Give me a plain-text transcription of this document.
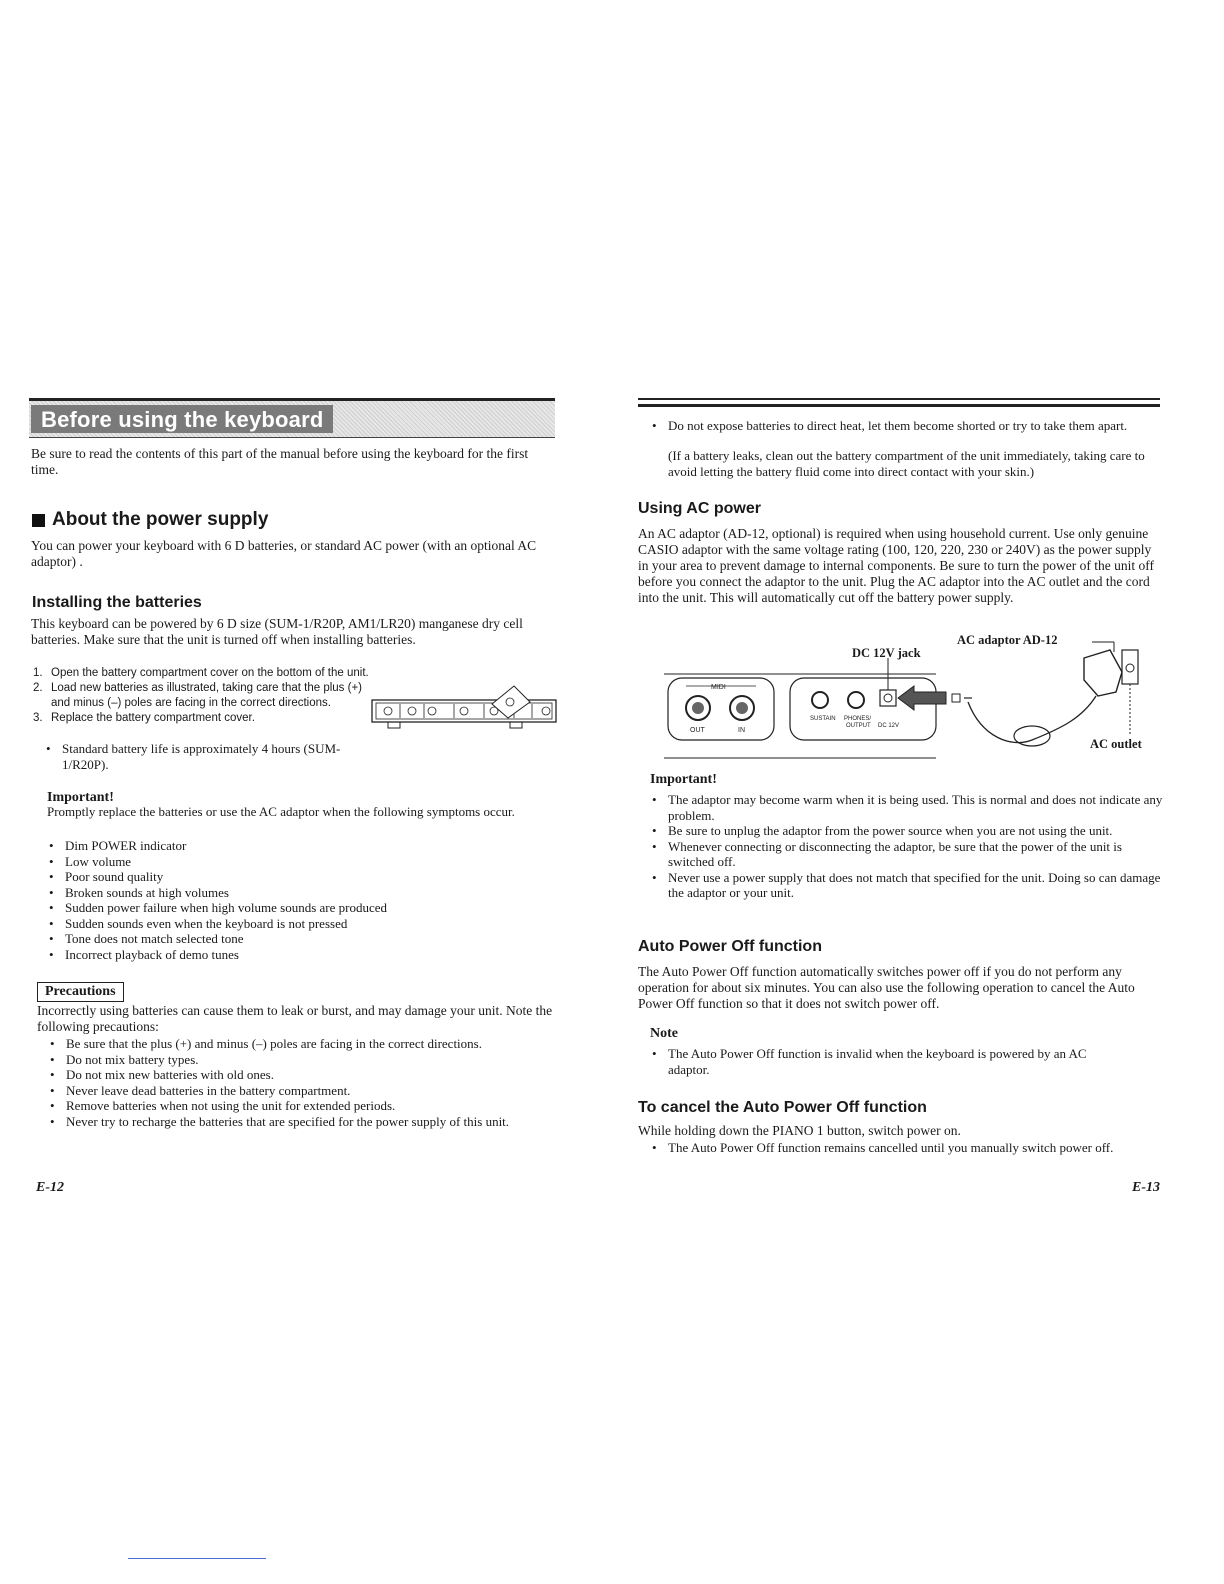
Before using the keyboard
Be sure to read the contents of this part of the manual before using the keyboard for the first time.
About the power supply
You can power your keyboard with 6 D batteries, or standard AC power (with an optional AC adaptor) .
Installing the batteries
This keyboard can be powered by 6 D size (SUM-1/R20P, AM1/LR20) manganese dry cell batteries. Make sure that the unit is turned off when installing batteries.
1. Open the battery compartment cover on the bottom of the unit.
2. Load new batteries as illustrated, taking care that the plus (+) and minus (–) poles are facing in the correct directions.
3. Replace the battery compartment cover.
• Standard battery life is approximately 4 hours (SUM-1/R20P).
Important!
Promptly replace the batteries or use the AC adaptor when the following symptoms occur.
• Dim POWER indicator
• Low volume
• Poor sound quality
• Broken sounds at high volumes
• Sudden power failure when high volume sounds are produced
• Sudden sounds even when the keyboard is not pressed
• Tone does not match selected tone
• Incorrect playback of demo tunes
Precautions
Incorrectly using batteries can cause them to leak or burst, and may damage your unit. Note the following precautions:
• Be sure that the plus (+) and minus (–) poles are facing in the correct directions.
• Do not mix battery types.
• Do not mix new batteries with old ones.
• Never leave dead batteries in the battery compartment.
• Remove batteries when not using the unit for extended periods.
• Never try to recharge the batteries that are specified for the power supply of this unit.
E-12
• Do not expose batteries to direct heat, let them become shorted or try to take them apart.
(If a battery leaks, clean out the battery compartment of the unit immediately, taking care to avoid letting the battery fluid come into direct contact with your skin.)
Using AC power
An AC adaptor (AD-12, optional) is required when using household current. Use only genuine CASIO adaptor with the same voltage rating (100, 120, 220, 230 or 240V) as the power supply in your area to prevent damage to internal components. Be sure to turn the power of the unit off before you connect the adaptor to the unit. Plug the AC adaptor into the AC outlet and the cord into the unit. This will automatically cut off the battery power supply.
MIDI
OUT	IN
SUSTAIN PHONES/
OUTPUT DC 12V
DC 12V jack
AC adaptor AD-12
AC outlet
Important!
• The adaptor may become warm when it is being used. This is normal and does not indicate any problem.
• Be sure to unplug the adaptor from the power source when you are not using the unit.
• Whenever connecting or disconnecting the adaptor, be sure that the power of the unit is switched off.
• Never use a power supply that does not match that specified for the unit. Doing so can damage the adaptor or your unit.
Auto Power Off function
The Auto Power Off function automatically switches power off if you do not perform any operation for about six minutes. You can also use the following operation to cancel the Auto Power Off function so that it does not switch power off.
Note
• The Auto Power Off function is invalid when the keyboard is powered by an AC adaptor.
To cancel the Auto Power Off function
While holding down the PIANO 1 button, switch power on.
• The Auto Power Off function remains cancelled until you manually switch power off.
E-13
